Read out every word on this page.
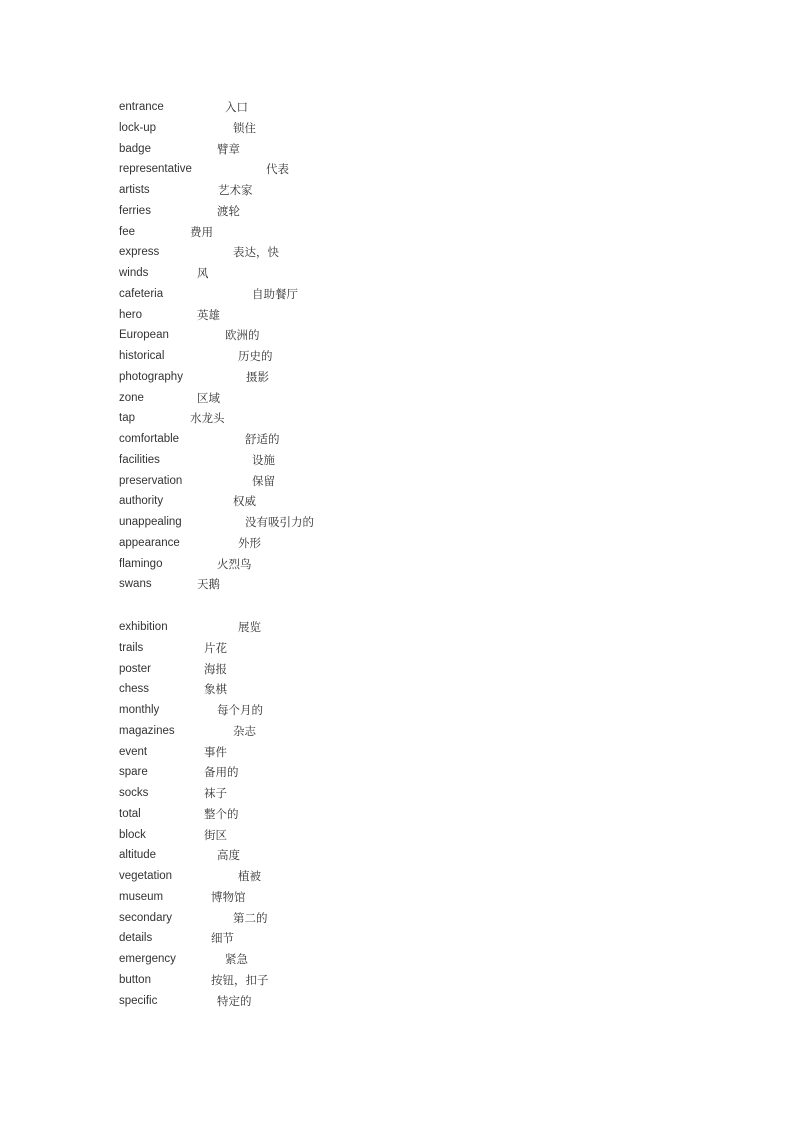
entrance	入口
lock-up	锁住
badge	臂章
representative	代表
artists	艺术家
ferries	渡轮
fee	费用
express	表达，快
winds	风
cafeteria	自助餐厅
hero	英雄
European	欧洲的
historical	历史的
photography	摄影
zone	区域
tap	水龙头
comfortable	舒适的
facilities	设施
preservation	保留
authority	权威
unappealing	没有吸引力的
appearance	外形
flamingo	火烈鸟
swans	天鹅
exhibition	展览
trails	片花
poster	海报
chess	象棋
monthly	每个月的
magazines	杂志
event	事件
spare	备用的
socks	袜子
total	整个的
block	街区
altitude	高度
vegetation	植被
museum	博物馆
secondary	第二的
details	细节
emergency	紧急
button	按钮，扣子
specific	特定的
